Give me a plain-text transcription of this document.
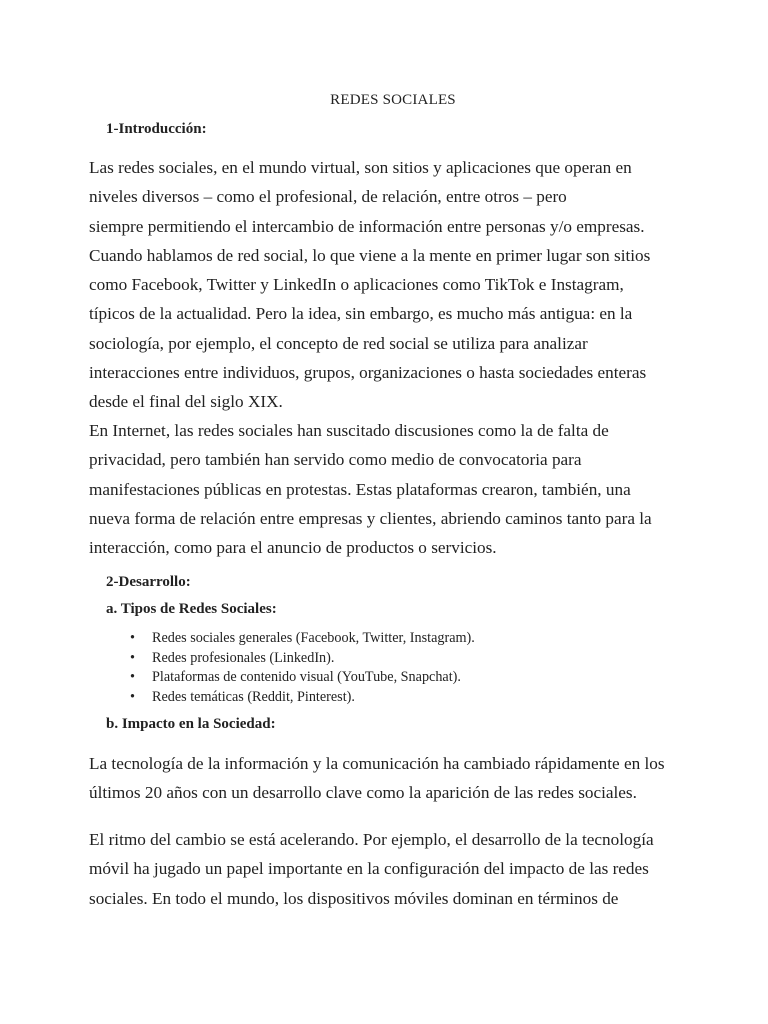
REDES SOCIALES
1-Introducción:

Las redes sociales, en el mundo virtual, son sitios y aplicaciones que operan en
niveles diversos – como el profesional, de relación, entre otros – pero
siempre permitiendo el intercambio de información entre personas y/o empresas.
Cuando hablamos de red social, lo que viene a la mente en primer lugar son sitios
como Facebook, Twitter y LinkedIn o aplicaciones como TikTok e Instagram,
típicos de la actualidad. Pero la idea, sin embargo, es mucho más antigua: en la
sociología, por ejemplo, el concepto de red social se utiliza para analizar
interacciones entre individuos, grupos, organizaciones o hasta sociedades enteras
desde el final del siglo XIX.

En Internet, las redes sociales han suscitado discusiones como la de falta de
privacidad, pero también han servido como medio de convocatoria para
manifestaciones públicas en protestas. Estas plataformas crearon, también, una
nueva forma de relación entre empresas y clientes, abriendo caminos tanto para la
interacción, como para el anuncio de productos o servicios.

2-Desarrollo:
a. Tipos de Redes Sociales:
• Redes sociales generales (Facebook, Twitter, Instagram).
• Redes profesionales (LinkedIn).
• Plataformas de contenido visual (YouTube, Snapchat).
• Redes temáticas (Reddit, Pinterest).
b. Impacto en la Sociedad:

La tecnología de la información y la comunicación ha cambiado rápidamente en los
últimos 20 años con un desarrollo clave como la aparición de las redes sociales.

El ritmo del cambio se está acelerando. Por ejemplo, el desarrollo de la tecnología
móvil ha jugado un papel importante en la configuración del impacto de las redes
sociales. En todo el mundo, los dispositivos móviles dominan en términos de
